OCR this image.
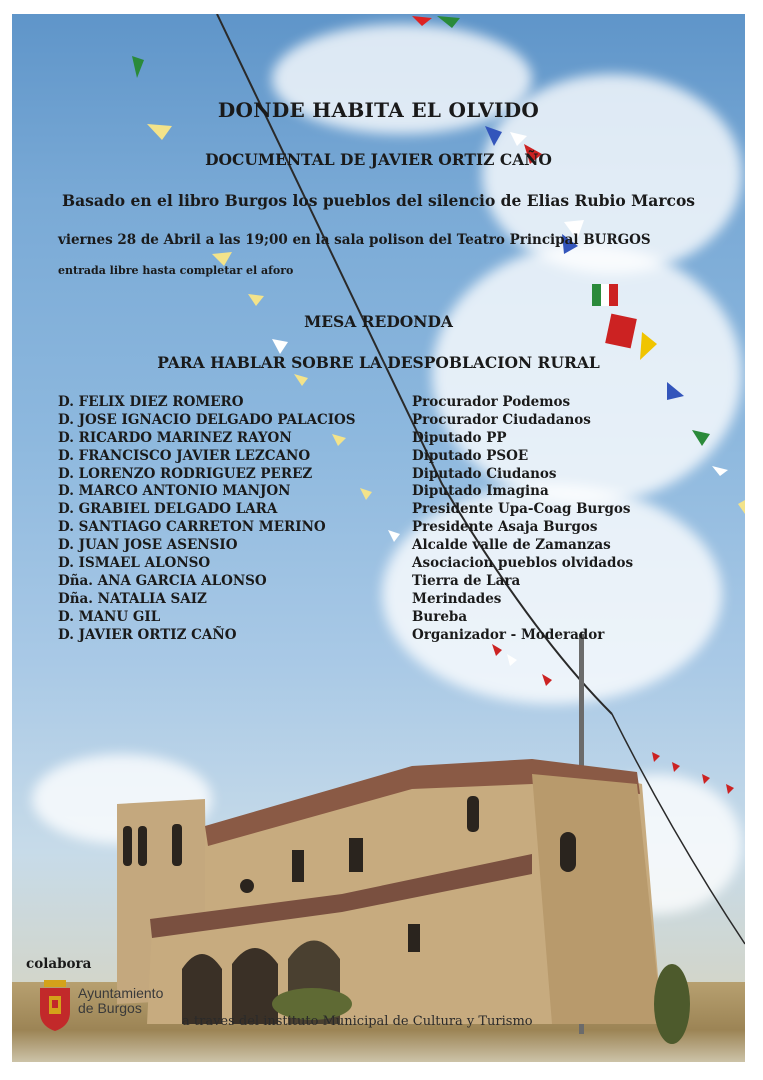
DONDE HABITA EL OLVIDO
DOCUMENTAL DE JAVIER ORTIZ CAÑO
Basado en el libro Burgos los pueblos del silencio de Elias Rubio Marcos
viernes 28 de Abril a las 19;00 en la sala polison del Teatro Principal BURGOS
entrada libre hasta completar el aforo
MESA REDONDA
PARA HABLAR SOBRE LA DESPOBLACION RURAL
D. FELIX DIEZ ROMERO	Procurador Podemos
D. JOSE IGNACIO DELGADO PALACIOS	Procurador Ciudadanos
D. RICARDO MARINEZ RAYON	Diputado PP
D. FRANCISCO JAVIER LEZCANO	Diputado PSOE
D. LORENZO RODRIGUEZ PEREZ	Diputado Ciudanos
D. MARCO ANTONIO MANJON	Diputado Imagina
D. GRABIEL DELGADO LARA	Presidente Upa-Coag Burgos
D. SANTIAGO CARRETON MERINO	Presidente Asaja Burgos
D. JUAN JOSE ASENSIO	Alcalde valle de Zamanzas
D. ISMAEL ALONSO	Asociacion pueblos olvidados
Dña. ANA GARCIA ALONSO	Tierra de Lara
Dña. NATALIA SAIZ	Merindades
D. MANU GIL	Bureba
D. JAVIER ORTIZ CAÑO	Organizador - Moderador
colabora
Ayuntamiento
de Burgos
a traves del instituto Municipal de Cultura y Turismo
